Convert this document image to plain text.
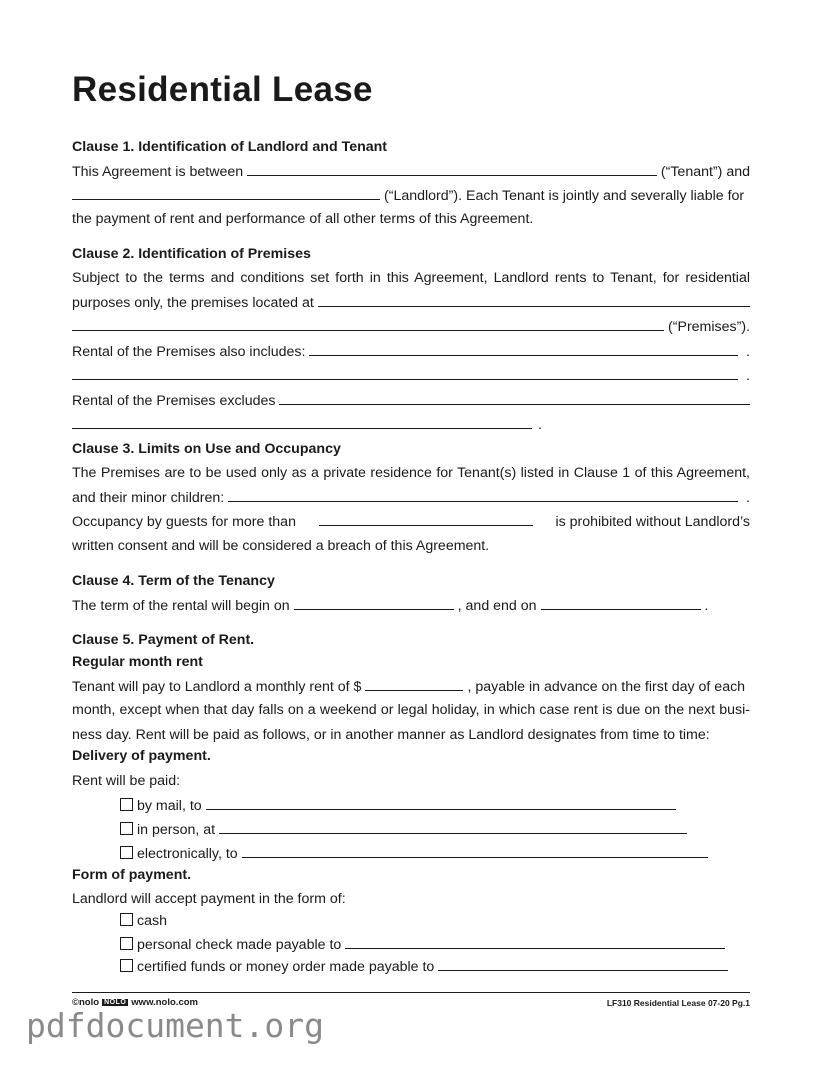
Residential Lease
Clause 1. Identification of Landlord and Tenant
This Agreement is between	(“Tenant”) and
(“Landlord”). Each Tenant is jointly and severally liable for
the payment of rent and performance of all other terms of this Agreement.
Clause 2. Identification of Premises
Subject to the terms and conditions set forth in this Agreement, Landlord rents to Tenant, for residential
purposes only, the premises located at
(“Premises”).
Rental of the Premises also includes:	.
.
Rental of the Premises excludes
.
Clause 3. Limits on Use and Occupancy
The Premises are to be used only as a private residence for Tenant(s) listed in Clause 1 of this Agreement,
and their minor children:	.
Occupancy by guests for more than	is prohibited without Landlord’s
written consent and will be considered a breach of this Agreement.
Clause 4. Term of the Tenancy
The term of the rental will begin on	, and end on	.
Clause 5. Payment of Rent.
Regular month rent
Tenant will pay to Landlord a monthly rent of $	, payable in advance on the first day of each
month, except when that day falls on a weekend or legal holiday, in which case rent is due on the next busi-
ness day. Rent will be paid as follows, or in another manner as Landlord designates from time to time:
Delivery of payment.
Rent will be paid:
by mail, to
in person, at
electronically, to
Form of payment.
Landlord will accept payment in the form of:
cash
personal check made payable to
certified funds or money order made payable to
©nolo NOLO www.nolo.com	LF310 Residential Lease 07-20 Pg.1
pdfdocument.org
